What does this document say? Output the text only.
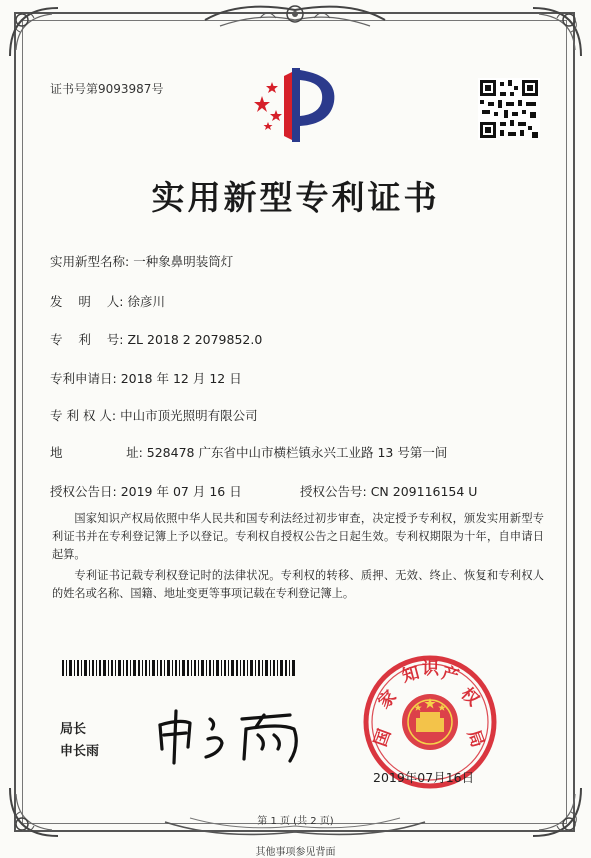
证书号第9093987号
实用新型专利证书
实用新型名称: 一种象鼻明装筒灯
发    明    人: 徐彦川
专    利    号: ZL 2018 2 2079852.0
专利申请日: 2018 年 12 月 12 日
专 利 权 人: 中山市顶光照明有限公司
地                址: 528478 广东省中山市横栏镇永兴工业路 13 号第一间
授权公告日: 2019 年 07 月 16 日	授权公告号: CN 209116154 U
国家知识产权局依照中华人民共和国专利法经过初步审查，决定授予专利权，颁发实用新型专利证书并在专利登记簿上予以登记。专利权自授权公告之日起生效。专利权期限为十年，自申请日起算。
专利证书记载专利权登记时的法律状况。专利权的转移、质押、无效、终止、恢复和专利权人的姓名或名称、国籍、地址变更等事项记载在专利登记簿上。
局长
申长雨
国
家
知 识 产
权
局
2019年07月16日
第 1 页 (共 2 页)
其他事项参见背面
